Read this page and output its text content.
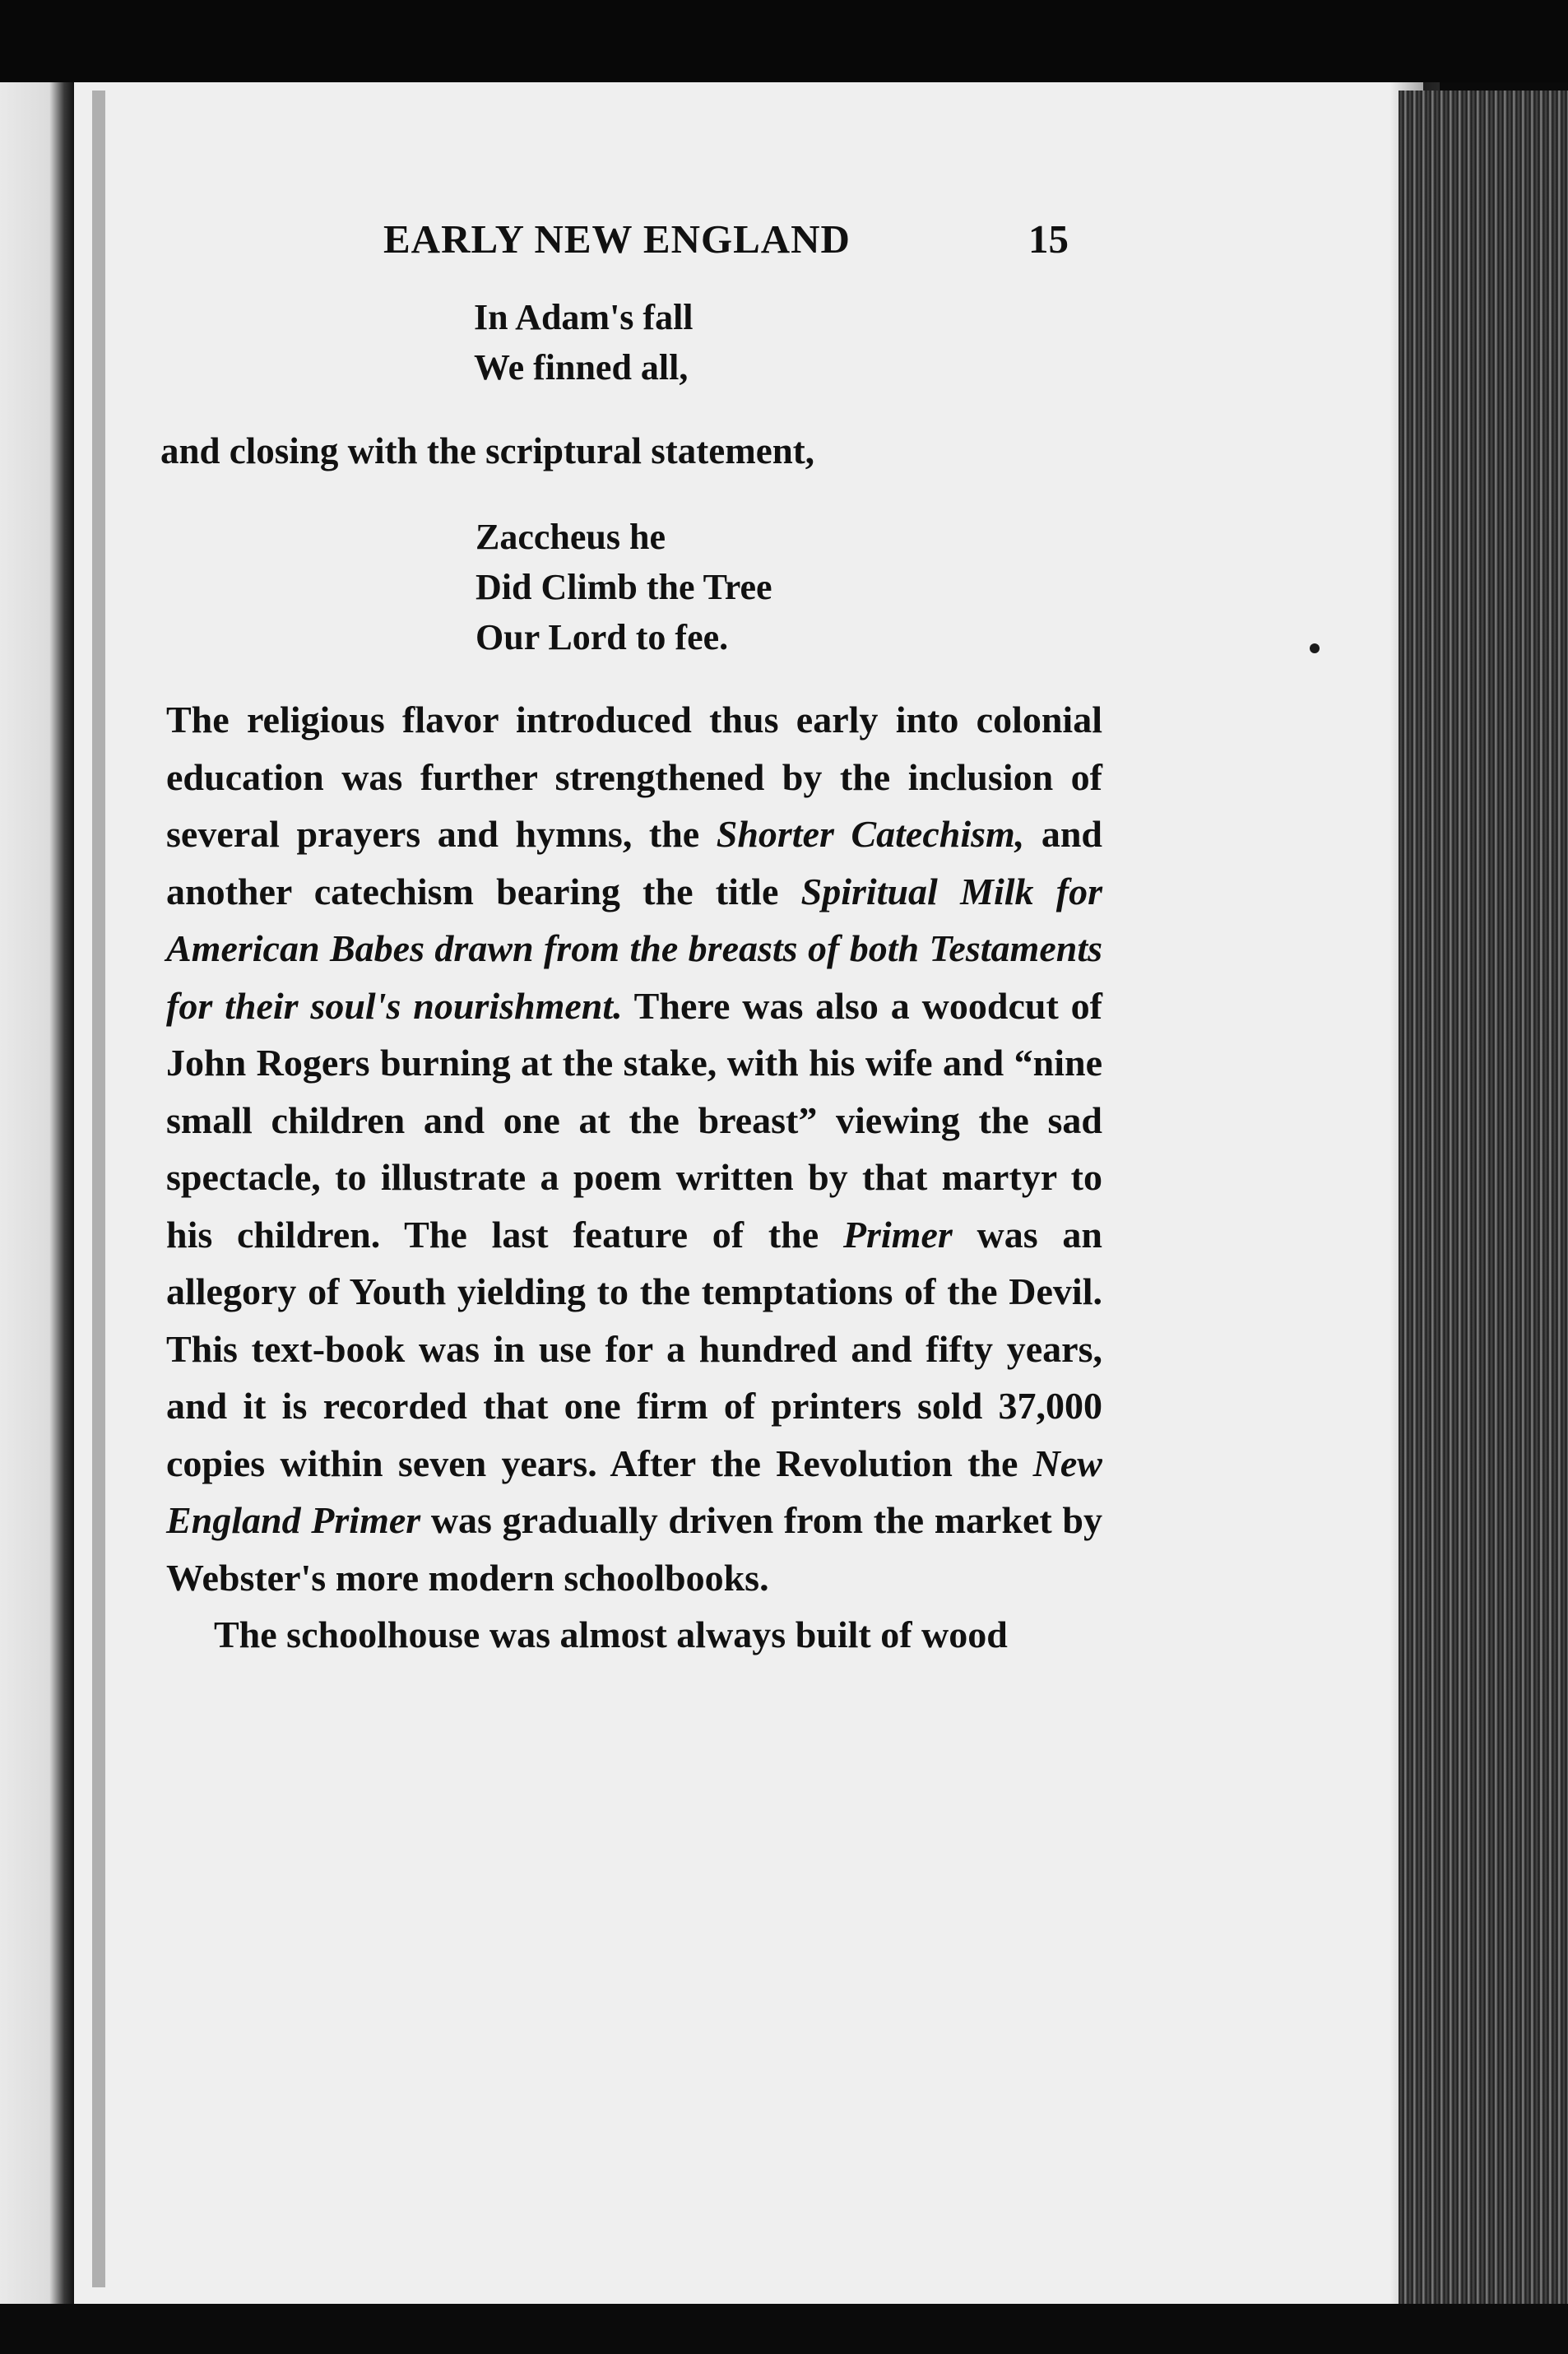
EARLY NEW ENGLAND	15
In Adam's fall
We finned all,
and closing with the scriptural statement,
Zaccheus he
Did Climb the Tree
Our Lord to fee.

The religious flavor introduced thus early into colonial education was further strengthened by the inclusion of several prayers and hymns, the Shorter Catechism, and another catechism bearing the title Spiritual Milk for American Babes drawn from the breasts of both Testaments for their soul's nourishment. There was also a woodcut of John Rogers burning at the stake, with his wife and “nine small children and one at the breast” viewing the sad spectacle, to illustrate a poem written by that martyr to his children. The last feature of the Primer was an allegory of Youth yielding to the temptations of the Devil. This text-book was in use for a hundred and fifty years, and it is recorded that one firm of printers sold 37,000 copies within seven years. After the Revolution the New England Primer was gradually driven from the market by Webster's more modern schoolbooks.

The schoolhouse was almost always built of wood
